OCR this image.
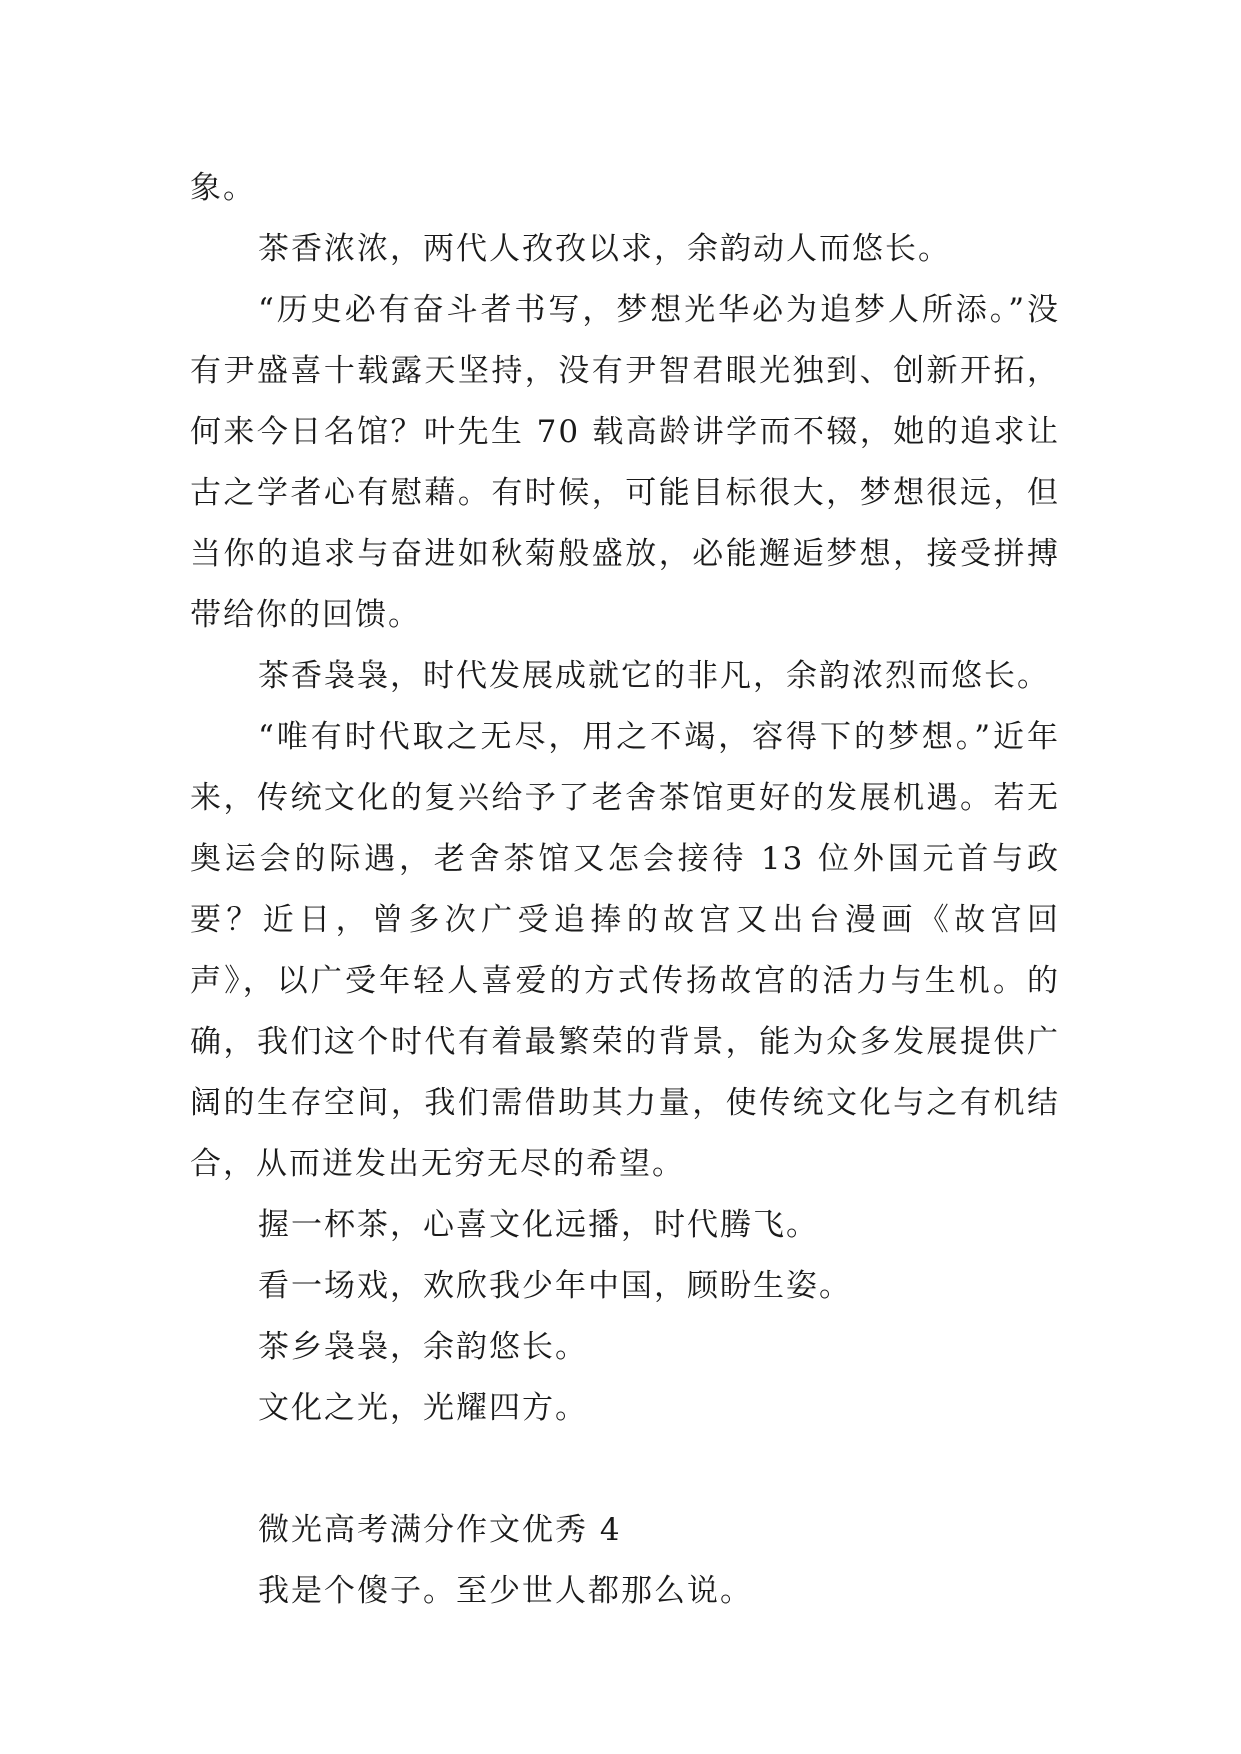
象。

茶香浓浓，两代人孜孜以求，余韵动人而悠长。

“历史必有奋斗者书写，梦想光华必为追梦人所添。”没有尹盛喜十载露天坚持，没有尹智君眼光独到、创新开拓，何来今日名馆？叶先生 70 载高龄讲学而不辍，她的追求让古之学者心有慰藉。有时候，可能目标很大，梦想很远，但当你的追求与奋进如秋菊般盛放，必能邂逅梦想，接受拼搏带给你的回馈。

茶香袅袅，时代发展成就它的非凡，余韵浓烈而悠长。

“唯有时代取之无尽，用之不竭，容得下的梦想。”近年来，传统文化的复兴给予了老舍茶馆更好的发展机遇。若无奥运会的际遇，老舍茶馆又怎会接待 13 位外国元首与政要？近日，曾多次广受追捧的故宫又出台漫画《故宫回声》，以广受年轻人喜爱的方式传扬故宫的活力与生机。的确，我们这个时代有着最繁荣的背景，能为众多发展提供广阔的生存空间，我们需借助其力量，使传统文化与之有机结合，从而迸发出无穷无尽的希望。

握一杯茶，心喜文化远播，时代腾飞。

看一场戏，欢欣我少年中国，顾盼生姿。

茶乡袅袅，余韵悠长。

文化之光，光耀四方。

微光高考满分作文优秀 4

我是个傻子。至少世人都那么说。
